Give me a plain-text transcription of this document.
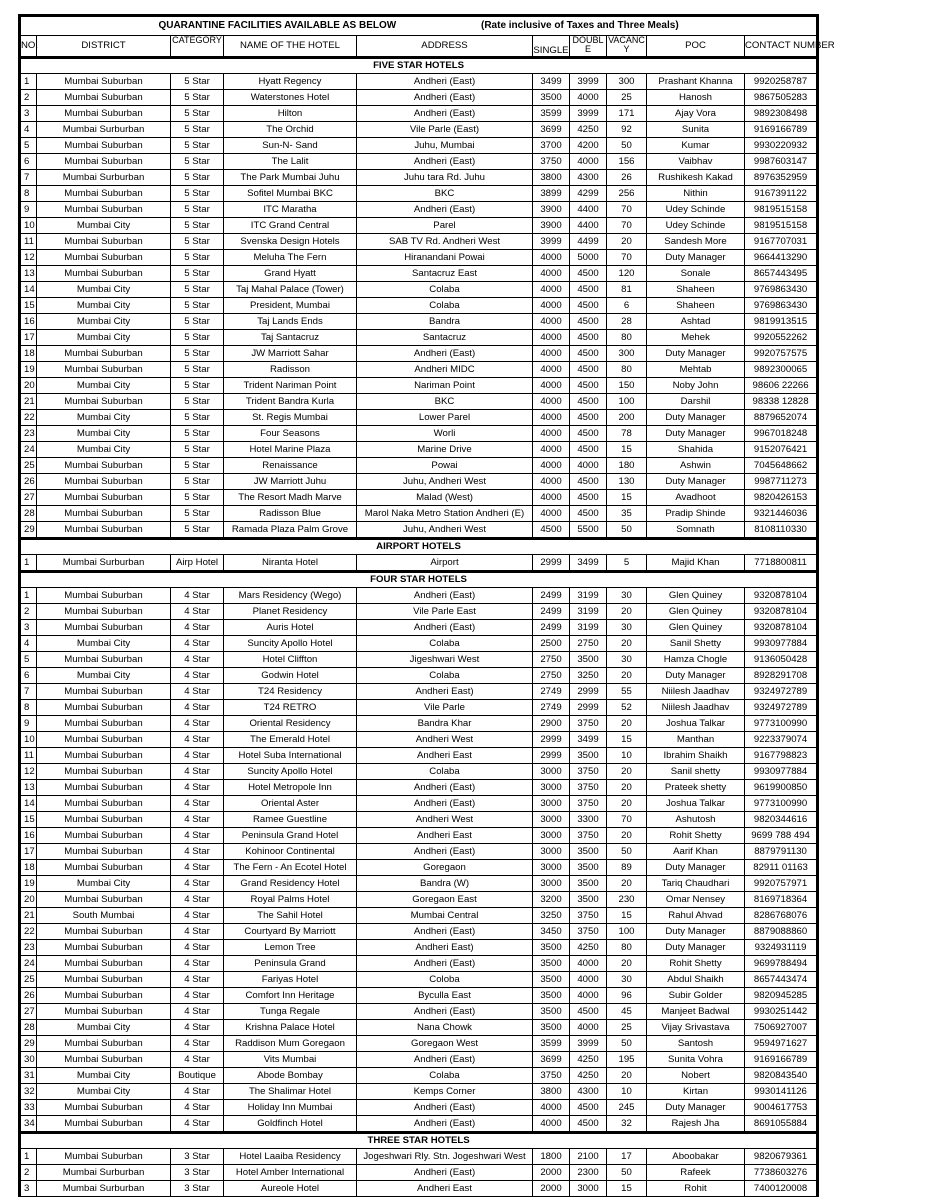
QUARANTINE FACILITIES AVAILABLE AS BELOW (Rate inclusive of Taxes and Three Meals)									
NO.	DISTRICT	CATEGORY	NAME OF THE HOTEL	ADDRESS	SINGLE	DOUBLE	VACANCY	POC	CONTACT NUMBER
FIVE STAR HOTELS									
1	Mumbai Suburban	5 Star	Hyatt Regency	Andheri (East)	3499	3999	300	Prashant Khanna	9920258787
2	Mumbai Suburban	5 Star	Waterstones Hotel	Andheri (East)	3500	4000	25	Hanosh	9867505283
3	Mumbai Suburban	5 Star	Hilton	Andheri (East)	3599	3999	171	Ajay Vora	9892308498
4	Mumbai Surburban	5 Star	The Orchid	Vile Parle (East)	3699	4250	92	Sunita	9169166789
5	Mumbai Suburban	5 Star	Sun-N- Sand	Juhu, Mumbai	3700	4200	50	Kumar	9930220932
6	Mumbai Suburban	5 Star	The Lalit	Andheri (East)	3750	4000	156	Vaibhav	9987603147
7	Mumbai Surburban	5 Star	The Park Mumbai Juhu	Juhu tara Rd. Juhu	3800	4300	26	Rushikesh Kakad	8976352959
8	Mumbai Suburban	5 Star	Sofitel Mumbai BKC	BKC	3899	4299	256	Nithin	9167391122
9	Mumbai Suburban	5 Star	ITC Maratha	Andheri (East)	3900	4400	70	Udey Schinde	9819515158
10	Mumbai City	5 Star	ITC Grand Central	Parel	3900	4400	70	Udey Schinde	9819515158
11	Mumbai Suburban	5 Star	Svenska Design Hotels	SAB TV Rd. Andheri West	3999	4499	20	Sandesh More	9167707031
12	Mumbai Suburban	5 Star	Meluha The Fern	Hiranandani Powai	4000	5000	70	Duty Manager	9664413290
13	Mumbai Suburban	5 Star	Grand Hyatt	Santacruz East	4000	4500	120	Sonale	8657443495
14	Mumbai City	5 Star	Taj Mahal Palace (Tower)	Colaba	4000	4500	81	Shaheen	9769863430
15	Mumbai City	5 Star	President, Mumbai	Colaba	4000	4500	6	Shaheen	9769863430
16	Mumbai City	5 Star	Taj Lands Ends	Bandra	4000	4500	28	Ashtad	9819913515
17	Mumbai City	5 Star	Taj Santacruz	Santacruz	4000	4500	80	Mehek	9920552262
18	Mumbai Suburban	5 Star	JW Marriott Sahar	Andheri (East)	4000	4500	300	Duty Manager	9920757575
19	Mumbai Suburban	5 Star	Radisson	Andheri MIDC	4000	4500	80	Mehtab	9892300065
20	Mumbai City	5 Star	Trident Nariman Point	Nariman Point	4000	4500	150	Noby John	98606 22266
21	Mumbai Suburban	5 Star	Trident Bandra Kurla	BKC	4000	4500	100	Darshil	98338 12828
22	Mumbai City	5 Star	St. Regis Mumbai	Lower Parel	4000	4500	200	Duty Manager	8879652074
23	Mumbai City	5 Star	Four Seasons	Worli	4000	4500	78	Duty Manager	9967018248
24	Mumbai City	5 Star	Hotel Marine Plaza	Marine Drive	4000	4500	15	Shahida	9152076421
25	Mumbai Suburban	5 Star	Renaissance	Powai	4000	4000	180	Ashwin	7045648662
26	Mumbai Suburban	5 Star	JW Marriott Juhu	Juhu, Andheri West	4000	4500	130	Duty Manager	9987711273
27	Mumbai Suburban	5 Star	The Resort Madh Marve	Malad (West)	4000	4500	15	Avadhoot	9820426153
28	Mumbai Suburban	5 Star	Radisson Blue	Marol Naka Metro Station Andheri (E)	4000	4500	35	Pradip Shinde	9321446036
29	Mumbai Suburban	5 Star	Ramada Plaza Palm Grove	Juhu, Andheri West	4500	5500	50	Somnath	8108110330
AIRPORT HOTELS									
1	Mumbai Surburban	Airp Hotel	Niranta Hotel	Airport	2999	3499	5	Majid Khan	7718800811
FOUR STAR HOTELS									
1	Mumbai Suburban	4 Star	Mars Residency (Wego)	Andheri (East)	2499	3199	30	Glen Quiney	9320878104
2	Mumbai Suburban	4 Star	Planet Residency	Vile Parle East	2499	3199	20	Glen Quiney	9320878104
3	Mumbai Suburban	4 Star	Auris Hotel	Andheri (East)	2499	3199	30	Glen Quiney	9320878104
4	Mumbai City	4 Star	Suncity Apollo Hotel	Colaba	2500	2750	20	Sanil Shetty	9930977884
5	Mumbai Suburban	4 Star	Hotel Cliffton	Jigeshwari West	2750	3500	30	Hamza Chogle	9136050428
6	Mumbai City	4 Star	Godwin Hotel	Colaba	2750	3250	20	Duty Manager	8928291708
7	Mumbai Suburban	4 Star	T24 Residency	Andheri East)	2749	2999	55	Niilesh Jaadhav	9324972789
8	Mumbai Suburban	4 Star	T24 RETRO	Vile Parle	2749	2999	52	Niilesh Jaadhav	9324972789
9	Mumbai Suburban	4 Star	Oriental Residency	Bandra Khar	2900	3750	20	Joshua Talkar	9773100990
10	Mumbai Suburban	4 Star	The Emerald Hotel	Andheri West	2999	3499	15	Manthan	9223379074
11	Mumbai Suburban	4 Star	Hotel Suba International	Andheri East	2999	3500	10	Ibrahim Shaikh	9167798823
12	Mumbai Suburban	4 Star	Suncity Apollo Hotel	Colaba	3000	3750	20	Sanil shetty	9930977884
13	Mumbai Suburban	4 Star	Hotel Metropole Inn	Andheri (East)	3000	3750	20	Prateek shetty	9619900850
14	Mumbai Suburban	4 Star	Oriental Aster	Andheri (East)	3000	3750	20	Joshua Talkar	9773100990
15	Mumbai Suburban	4 Star	Ramee Guestline	Andheri West	3000	3300	70	Ashutosh	9820344616
16	Mumbai Suburban	4 Star	Peninsula Grand Hotel	Andheri East	3000	3750	20	Rohit Shetty	9699 788 494
17	Mumbai Suburban	4 Star	Kohinoor Continental	Andheri (East)	3000	3500	50	Aarif Khan	8879791130
18	Mumbai Suburban	4 Star	The Fern - An Ecotel Hotel	Goregaon	3000	3500	89	Duty Manager	82911 01163
19	Mumbai City	4 Star	Grand Residency Hotel	Bandra (W)	3000	3500	20	Tariq Chaudhari	9920757971
20	Mumbai Suburban	4 Star	Royal Palms Hotel	Goregaon East	3200	3500	230	Omar Nensey	8169718364
21	South Mumbai	4 Star	The Sahil Hotel	Mumbai Central	3250	3750	15	Rahul Ahvad	8286768076
22	Mumbai Suburban	4 Star	Courtyard By Marriott	Andheri (East)	3450	3750	100	Duty Manager	8879088860
23	Mumbai Suburban	4 Star	Lemon Tree	Andheri East)	3500	4250	80	Duty Manager	9324931119
24	Mumbai Suburban	4 Star	Peninsula Grand	Andheri (East)	3500	4000	20	Rohit Shetty	9699788494
25	Mumbai Suburban	4 Star	Fariyas Hotel	Coloba	3500	4000	30	Abdul Shaikh	8657443474
26	Mumbai Suburban	4 Star	Comfort Inn Heritage	Byculla East	3500	4000	96	Subir Golder	9820945285
27	Mumbai Suburban	4 Star	Tunga Regale	Andheri (East)	3500	4500	45	Manjeet Badwal	9930251442
28	Mumbai City	4 Star	Krishna Palace Hotel	Nana Chowk	3500	4000	25	Vijay Srivastava	7506927007
29	Mumbai Suburban	4 Star	Raddison Mum Goregaon	Goregaon West	3599	3999	50	Santosh	9594971627
30	Mumbai Suburban	4 Star	Vits Mumbai	Andheri (East)	3699	4250	195	Sunita Vohra	9169166789
31	Mumbai City	Boutique	Abode Bombay	Colaba	3750	4250	20	Nobert	9820843540
32	Mumbai City	4 Star	The Shalimar Hotel	Kemps Corner	3800	4300	10	Kirtan	9930141126
33	Mumbai Suburban	4 Star	Holiday Inn Mumbai	Andheri (East)	4000	4500	245	Duty Manager	9004617753
34	Mumbai Suburban	4 Star	Goldfinch Hotel	Andheri (East)	4000	4500	32	Rajesh Jha	8691055884
THREE STAR HOTELS									
1	Mumbai Suburban	3 Star	Hotel Laaiba Residency	Jogeshwari Rly. Stn. Jogeshwari West	1800	2100	17	Aboobakar	9820679361
2	Mumbai Surburban	3 Star	Hotel Amber International	Andheri (East)	2000	2300	50	Rafeek	7738603276
3	Mumbai Surburban	3 Star	Aureole Hotel	Andheri East	2000	3000	15	Rohit	7400120008
